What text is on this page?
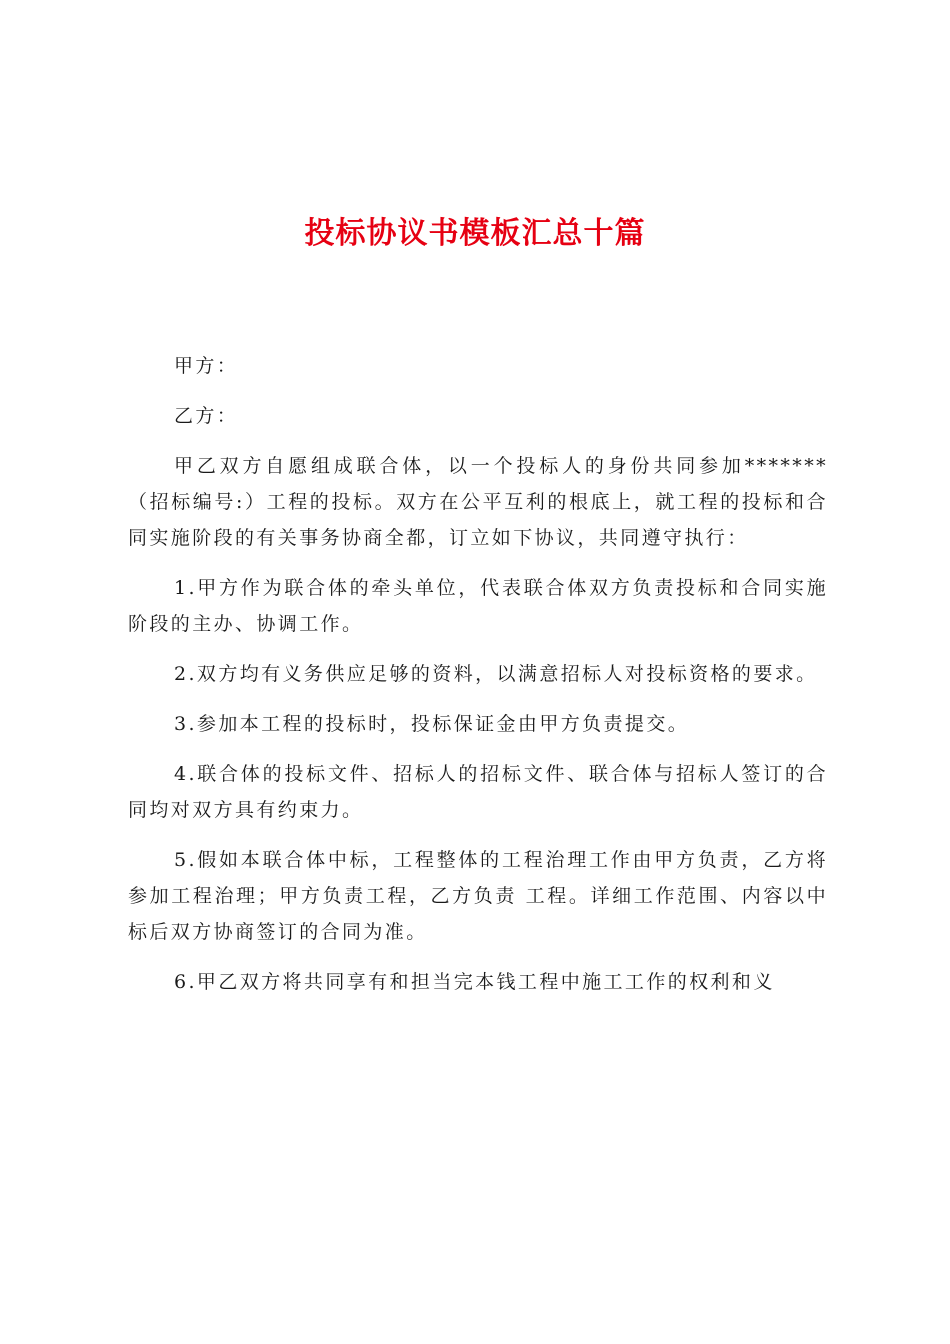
投标协议书模板汇总十篇

甲方：

乙方：

甲乙双方自愿组成联合体，以一个投标人的身份共同参加*******（招标编号:）工程的投标。双方在公平互利的根底上，就工程的投标和合同实施阶段的有关事务协商全都，订立如下协议，共同遵守执行：

1.甲方作为联合体的牵头单位，代表联合体双方负责投标和合同实施阶段的主办、协调工作。

2.双方均有义务供应足够的资料，以满意招标人对投标资格的要求。

3.参加本工程的投标时，投标保证金由甲方负责提交。

4.联合体的投标文件、招标人的招标文件、联合体与招标人签订的合同均对双方具有约束力。

5.假如本联合体中标，工程整体的工程治理工作由甲方负责，乙方将参加工程治理；甲方负责工程，乙方负责 工程。详细工作范围、内容以中标后双方协商签订的合同为准。

6.甲乙双方将共同享有和担当完本钱工程中施工工作的权利和义
